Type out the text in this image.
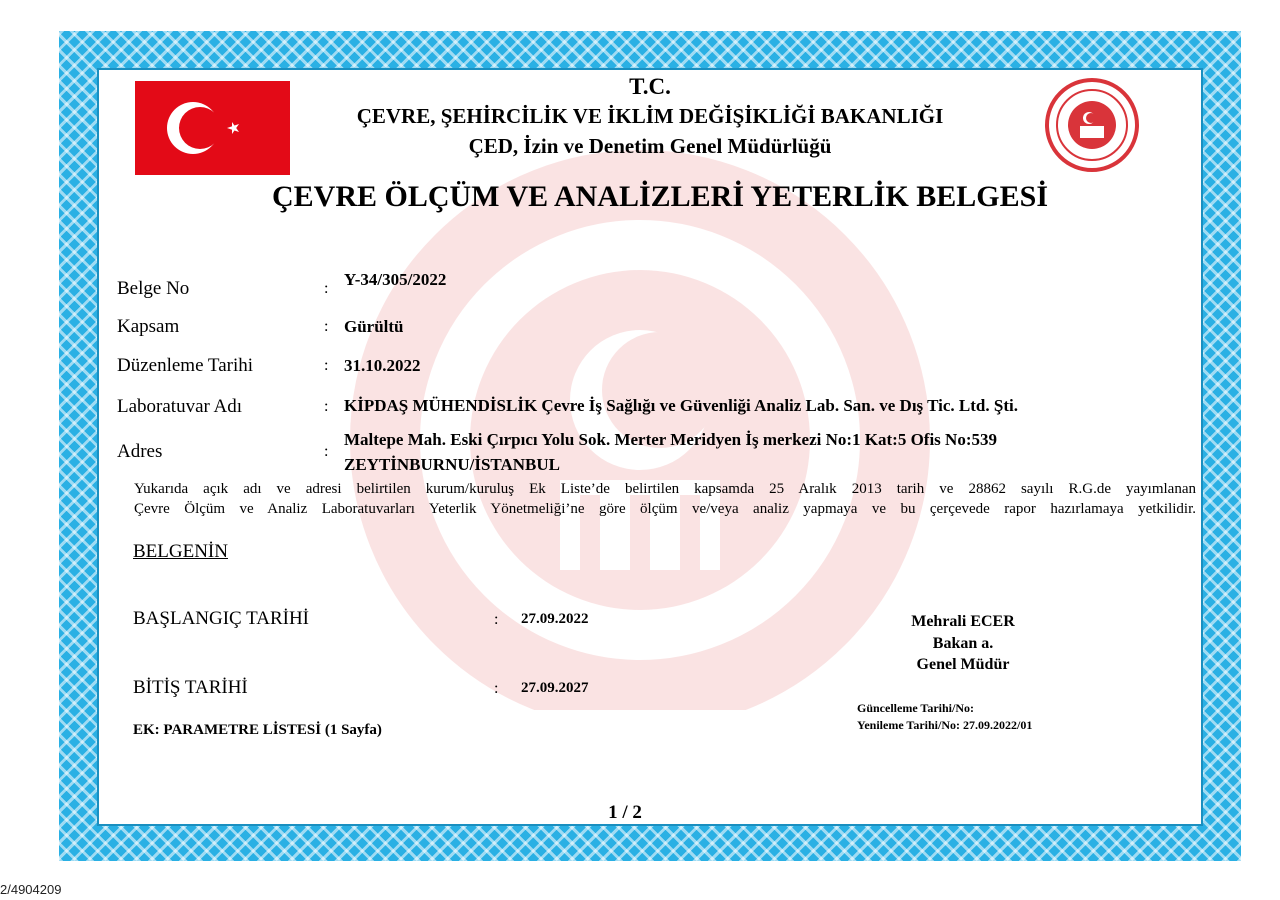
T.C.
ÇEVRE, ŞEHİRCİLİK VE İKLİM DEĞİŞİKLİĞİ BAKANLIĞI
ÇED, İzin ve Denetim Genel Müdürlüğü
ÇEVRE ÖLÇÜM VE ANALİZLERİ YETERLİK BELGESİ
Belge No	: Y-34/305/2022
Kapsam	: Gürültü
Düzenleme Tarihi	: 31.10.2022
Laboratuvar Adı	: KİPDAŞ MÜHENDİSLİK Çevre İş Sağlığı ve Güvenliği Analiz Lab. San. ve Dış Tic. Ltd. Şti.
Adres	:
Maltepe Mah. Eski Çırpıcı Yolu Sok. Merter Meridyen İş merkezi No:1 Kat:5 Ofis No:539
ZEYTİNBURNU/İSTANBUL
Yukarıda açık adı ve adresi belirtilen kurum/kuruluş Ek Liste’de belirtilen kapsamda 25 Aralık 2013 tarih ve 28862 sayılı R.G.de yayımlanan
Çevre Ölçüm ve Analiz Laboratuvarları Yeterlik Yönetmeliği’ne göre ölçüm ve/veya analiz yapmaya ve bu çerçevede rapor hazırlamaya yetkilidir.
BELGENİN
BAŞLANGIÇ TARİHİ	: 27.09.2022
BİTİŞ TARİHİ	: 27.09.2027
EK: PARAMETRE LİSTESİ (1 Sayfa)
Mehrali ECER
Bakan a.
Genel Müdür
Güncelleme Tarihi/No:
Yenileme Tarihi/No: 27.09.2022/01
1 / 2
2/4904209
